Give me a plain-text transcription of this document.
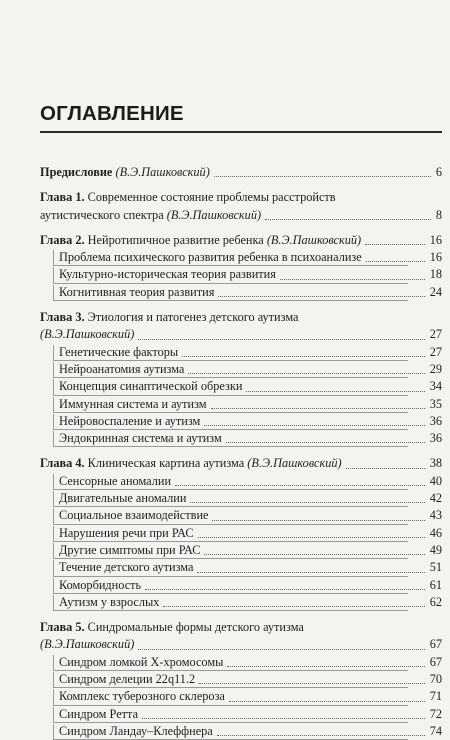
ОГЛАВЛЕНИЕ
Предисловие (В.Э.Пашковский)	6
Глава 1. Современное состояние проблемы расстройств
аутистического спектра (В.Э.Пашковский)	8
Глава 2. Нейротипичное развитие ребенка (В.Э.Пашковский)	16
Проблема психического развития ребенка в психоанализе	16
Культурно-историческая теория развития	18
Когнитивная теория развития	24
Глава 3. Этиология и патогенез детского аутизма
(В.Э.Пашковский)	27
Генетические факторы	27
Нейроанатомия аутизма	29
Концепция синаптической обрезки	34
Иммунная система и аутизм	35
Нейровоспаление и аутизм	36
Эндокринная система и аутизм	36
Глава 4. Клиническая картина аутизма (В.Э.Пашковский)	38
Сенсорные аномалии	40
Двигательные аномалии	42
Социальное взаимодействие	43
Нарушения речи при РАС	46
Другие симптомы при РАС	49
Течение детского аутизма	51
Коморбидность	61
Аутизм у взрослых	62
Глава 5. Синдромальные формы детского аутизма
(В.Э.Пашковский)	67
Синдром ломкой Х-хромосомы	67
Синдром делеции 22q11.2	70
Комплекс туберозного склероза	71
Синдром Ретта	72
Синдром Ландау–Клеффнера	74
